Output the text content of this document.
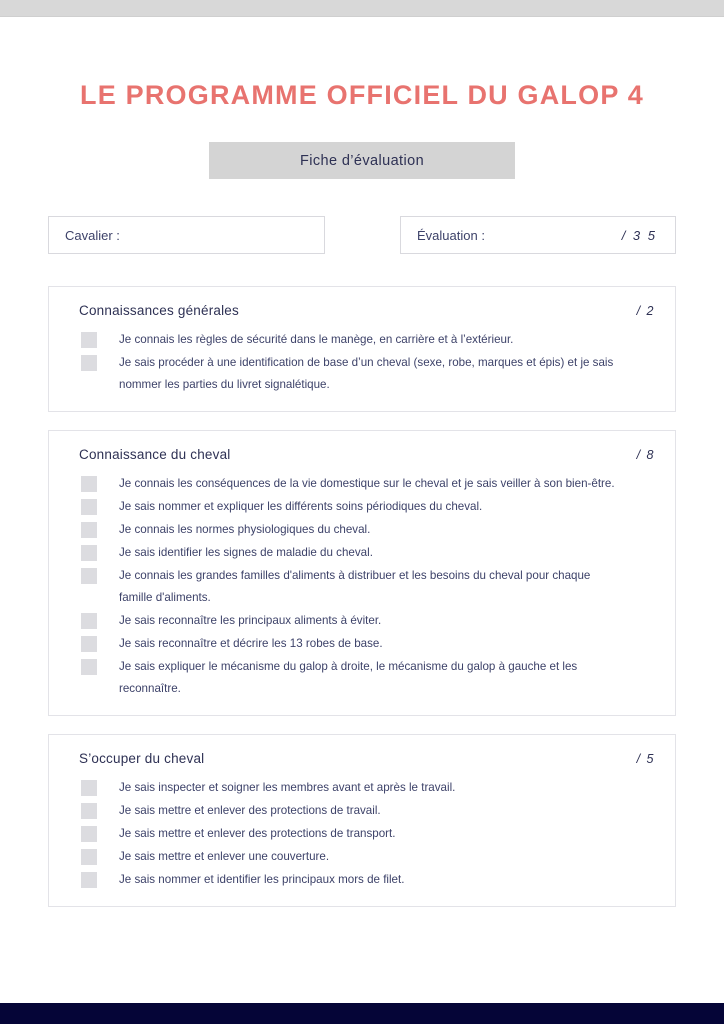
LE PROGRAMME OFFICIEL DU GALOP 4
Fiche d’évaluation
Cavalier :	Évaluation :	/ 3 5
Connaissances générales	/ 2
Je connais les règles de sécurité dans le manège, en carrière et à l’extérieur.
Je sais procéder à une identification de base d’un cheval (sexe, robe, marques et épis) et je sais nommer les parties du livret signalétique.
Connaissance du cheval	/ 8
Je connais les conséquences de la vie domestique sur le cheval et je sais veiller à son bien-être.
Je sais nommer et expliquer les différents soins périodiques du cheval.
Je connais les normes physiologiques du cheval.
Je sais identifier les signes de maladie du cheval.
Je connais les grandes familles d'aliments à distribuer et les besoins du cheval pour chaque famille d'aliments.
Je sais reconnaître les principaux aliments à éviter.
Je sais reconnaître et décrire les 13 robes de base.
Je sais expliquer le mécanisme du galop à droite, le mécanisme du galop à gauche et les reconnaître.
S’occuper du cheval	/ 5
Je sais inspecter et soigner les membres avant et après le travail.
Je sais mettre et enlever des protections de travail.
Je sais mettre et enlever des protections de transport.
Je sais mettre et enlever une couverture.
Je sais nommer et identifier les principaux mors de filet.
